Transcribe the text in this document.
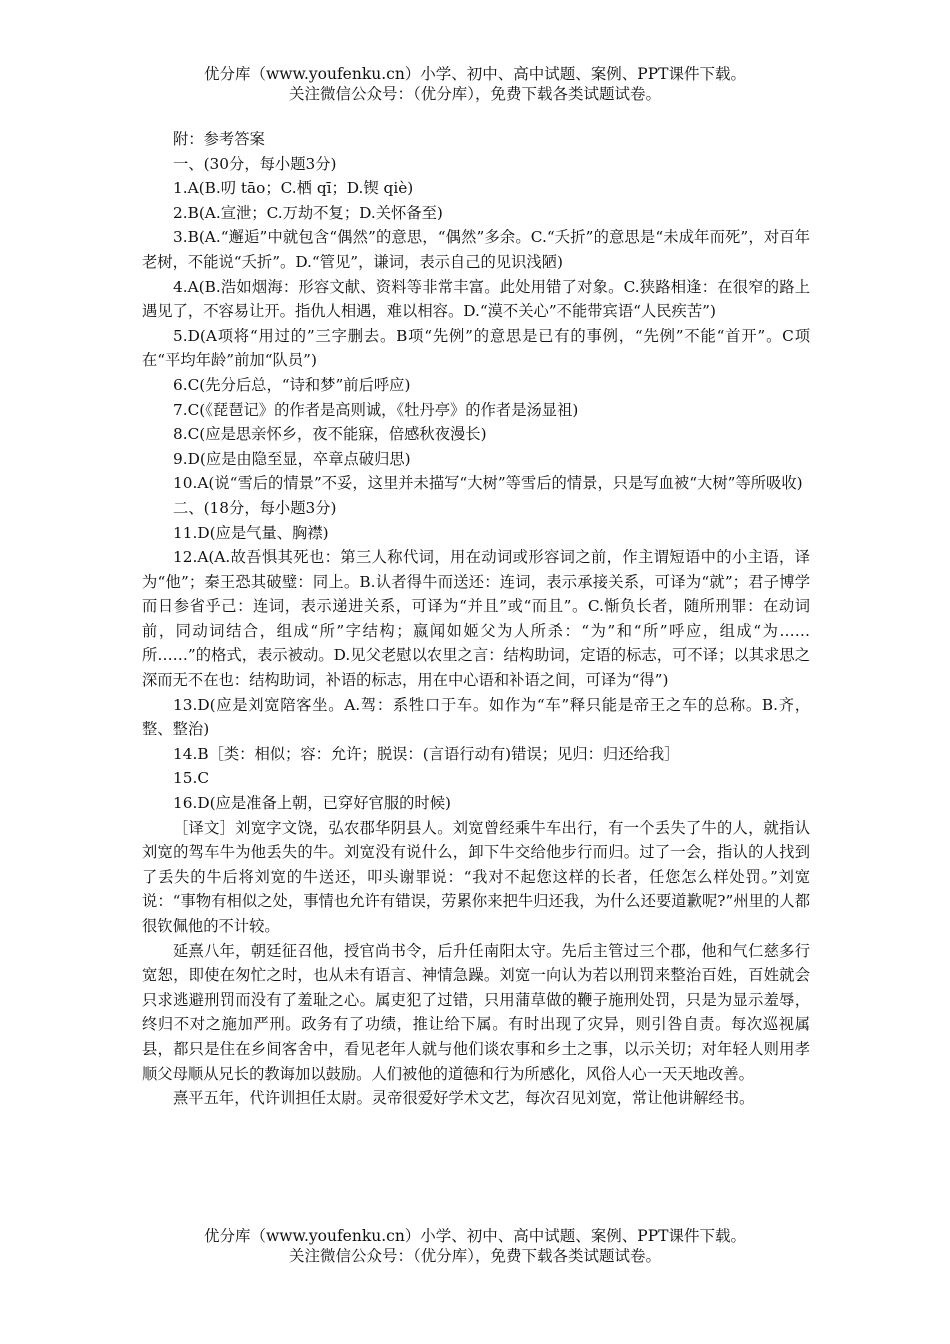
优分库（www.youfenku.cn）小学、初中、高中试题、案例、PPT课件下载。
关注微信公众号：（优分库），免费下载各类试题试卷。

附：参考答案

一、(30分，每小题3分)

1.A(B.叨 tāo；C.栖 qī；D.锲 qiè)

2.B(A.宣泄；C.万劫不复；D.关怀备至)

3.B(A.“邂逅”中就包含“偶然”的意思，“偶然”多余。C.“夭折”的意思是“未成年而死”，对百年老树，不能说“夭折”。D.“管见”，谦词，表示自己的见识浅陋)

4.A(B.浩如烟海：形容文献、资料等非常丰富。此处用错了对象。C.狭路相逢：在很窄的路上遇见了，不容易让开。指仇人相遇，难以相容。D.“漠不关心”不能带宾语“人民疾苦”)

5.D(A项将“用过的”三字删去。B项“先例”的意思是已有的事例，“先例”不能“首开”。C项在“平均年龄”前加“队员”)

6.C(先分后总，“诗和梦”前后呼应)

7.C(《琵琶记》的作者是高则诚，《牡丹亭》的作者是汤显祖)

8.C(应是思亲怀乡，夜不能寐，倍感秋夜漫长)

9.D(应是由隐至显，卒章点破归思)

10.A(说“雪后的情景”不妥，这里并未描写“大树”等雪后的情景，只是写血被“大树”等所吸收)

二、(18分，每小题3分)

11.D(应是气量、胸襟)

12.A(A.故吾惧其死也：第三人称代词，用在动词或形容词之前，作主谓短语中的小主语，译为“他”；秦王恐其破璧：同上。B.认者得牛而送还：连词，表示承接关系，可译为“就”；君子博学而日参省乎己：连词，表示递进关系，可译为“并且”或“而且”。C.惭负长者，随所刑罪：在动词前，同动词结合，组成“所”字结构；嬴闻如姬父为人所杀：“为”和“所”呼应，组成“为……所……”的格式，表示被动。D.见父老慰以农里之言：结构助词，定语的标志，可不译；以其求思之深而无不在也：结构助词，补语的标志，用在中心语和补语之间，可译为“得”)

13.D(应是刘宽陪客坐。A.驾：系牲口于车。如作为“车”释只能是帝王之车的总称。B.齐，整、整治)

14.B［类：相似；容：允许；脱误：(言语行动有)错误；见归：归还给我］

15.C

16.D(应是准备上朝，已穿好官服的时候)

［译文］刘宽字文饶，弘农郡华阴县人。刘宽曾经乘牛车出行，有一个丢失了牛的人，就指认刘宽的驾车牛为他丢失的牛。刘宽没有说什么，卸下牛交给他步行而归。过了一会，指认的人找到了丢失的牛后将刘宽的牛送还，叩头谢罪说：“我对不起您这样的长者，任您怎么样处罚。”刘宽说：“事物有相似之处，事情也允许有错误，劳累你来把牛归还我，为什么还要道歉呢?”州里的人都很钦佩他的不计较。

延熹八年，朝廷征召他，授官尚书令，后升任南阳太守。先后主管过三个郡，他和气仁慈多行宽恕，即使在匆忙之时，也从未有语言、神情急躁。刘宽一向认为若以刑罚来整治百姓，百姓就会只求逃避刑罚而没有了羞耻之心。属吏犯了过错，只用蒲草做的鞭子施刑处罚，只是为显示羞辱，终归不对之施加严刑。政务有了功绩，推让给下属。有时出现了灾异，则引咎自责。每次巡视属县，都只是住在乡间客舍中，看见老年人就与他们谈农事和乡土之事，以示关切；对年轻人则用孝顺父母顺从兄长的教诲加以鼓励。人们被他的道德和行为所感化，风俗人心一天天地改善。

熹平五年，代许训担任太尉。灵帝很爱好学术文艺，每次召见刘宽，常让他讲解经书。

优分库（www.youfenku.cn）小学、初中、高中试题、案例、PPT课件下载。
关注微信公众号：（优分库），免费下载各类试题试卷。
